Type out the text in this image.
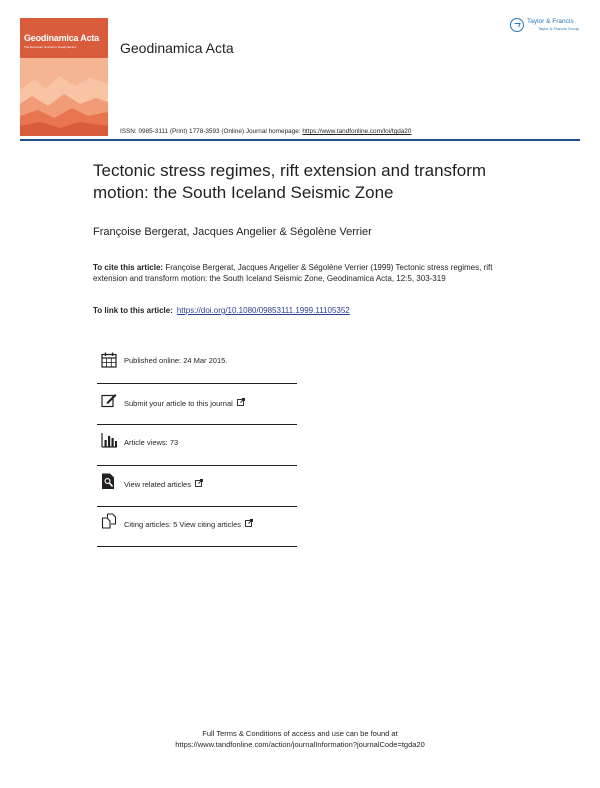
Geodinamica Acta
The European Journal of Geodynamics	Geodinamica Acta
Taylor & Francis
Taylor & Francis Group
ISSN: 0985-3111 (Print) 1778-3593 (Online) Journal homepage: https://www.tandfonline.com/loi/tgda20
Tectonic stress regimes, rift extension and transform motion: the South Iceland Seismic Zone
Françoise Bergerat, Jacques Angelier & Ségolène Verrier
To cite this article: Françoise Bergerat, Jacques Angelier & Ségolène Verrier (1999) Tectonic stress regimes, rift extension and transform motion: the South Iceland Seismic Zone, Geodinamica Acta, 12:5, 303-319
To link to this article: https://doi.org/10.1080/09853111.1999.11105352
Published online: 24 Mar 2015.
Submit your article to this journal
Article views: 73
View related articles
Citing articles: 5 View citing articles
Full Terms & Conditions of access and use can be found at
https://www.tandfonline.com/action/journalInformation?journalCode=tgda20
